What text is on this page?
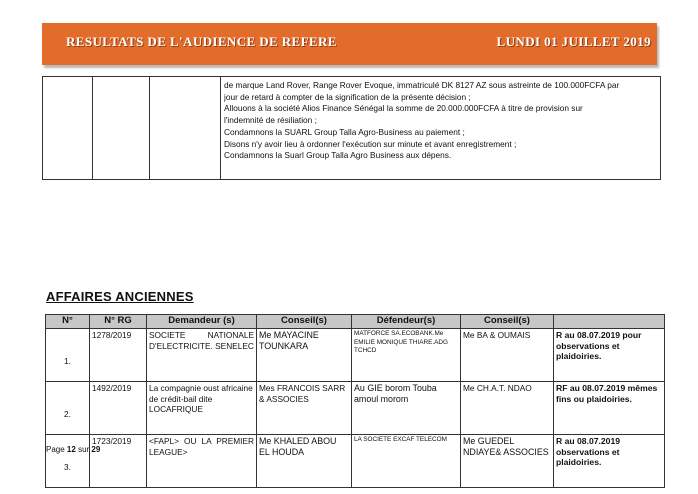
RESULTATS DE L'AUDIENCE DE REFERE	LUNDI 01 JUILLET 2019

de marque Land Rover, Range Rover Evoque, immatriculé DK 8127 AZ sous astreinte de 100.000FCFA par
jour de retard à compter de la signification de la présente décision ;
Allouons à la société Alios Finance Sénégal la somme de 20.000.000FCFA à titre de provision sur
l'indemnité de résiliation ;
Condamnons la SUARL Group Talla Agro-Business au paiement ;
Disons n'y avoir lieu à ordonner l'exécution sur minute et avant enregistrement ;
Condamnons la Suarl Group Talla Agro Business aux dépens.
AFFAIRES ANCIENNES
N°	N° RG	Demandeur (s)	Conseil(s)	Défendeur(s)	Conseil(s)	
1.	1278/2019	SOCIETE NATIONALE D'ELECTRICITE. SENELEC	Me MAYACINE TOUNKARA	MATFORCE SA.ECOBANK.Me EMILIE MONIQUE THIARE.ADG TCHCD	Me BA & OUMAIS	R au 08.07.2019 pour observations et plaidoiries.
2.	1492/2019	La compagnie oust africaine de crédit-bail dite LOCAFRIQUE	Mes FRANCOIS SARR & ASSOCIES	Au GIE borom Touba amoul morom	Me CH.A.T. NDAO	RF au 08.07.2019 mêmes fins ou plaidoiries.
3.	1723/2019	<FAPL> OU LA PREMIER LEAGUE>	Me KHALED ABOU EL HOUDA	LA SOCIETE EXCAF TELECOM	Me GUEDEL NDIAYE& ASSOCIES	R au 08.07.2019 observations et plaidoiries.
Page 12 sur 29
